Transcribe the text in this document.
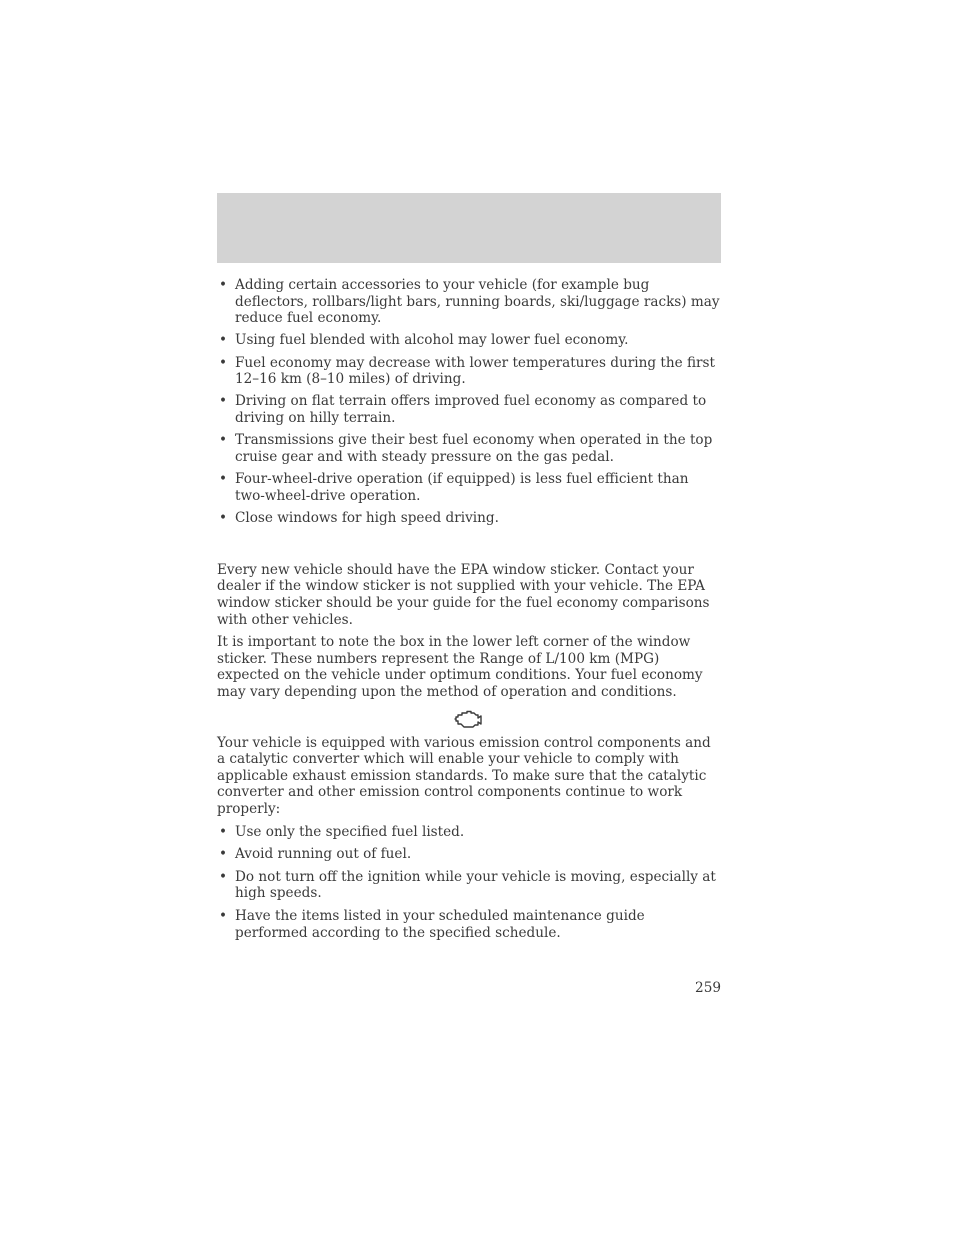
• Adding certain accessories to your vehicle (for example bug deflectors, rollbars/light bars, running boards, ski/luggage racks) may reduce fuel economy.
• Using fuel blended with alcohol may lower fuel economy.
• Fuel economy may decrease with lower temperatures during the first 12–16 km (8–10 miles) of driving.
• Driving on flat terrain offers improved fuel economy as compared to driving on hilly terrain.
• Transmissions give their best fuel economy when operated in the top cruise gear and with steady pressure on the gas pedal.
• Four-wheel-drive operation (if equipped) is less fuel efficient than two-wheel-drive operation.
• Close windows for high speed driving.

Every new vehicle should have the EPA window sticker. Contact your dealer if the window sticker is not supplied with your vehicle. The EPA window sticker should be your guide for the fuel economy comparisons with other vehicles.

It is important to note the box in the lower left corner of the window sticker. These numbers represent the Range of L/100 km (MPG) expected on the vehicle under optimum conditions. Your fuel economy may vary depending upon the method of operation and conditions.

Your vehicle is equipped with various emission control components and a catalytic converter which will enable your vehicle to comply with applicable exhaust emission standards. To make sure that the catalytic converter and other emission control components continue to work properly:

• Use only the specified fuel listed.
• Avoid running out of fuel.
• Do not turn off the ignition while your vehicle is moving, especially at high speeds.
• Have the items listed in your scheduled maintenance guide performed according to the specified schedule.
259
